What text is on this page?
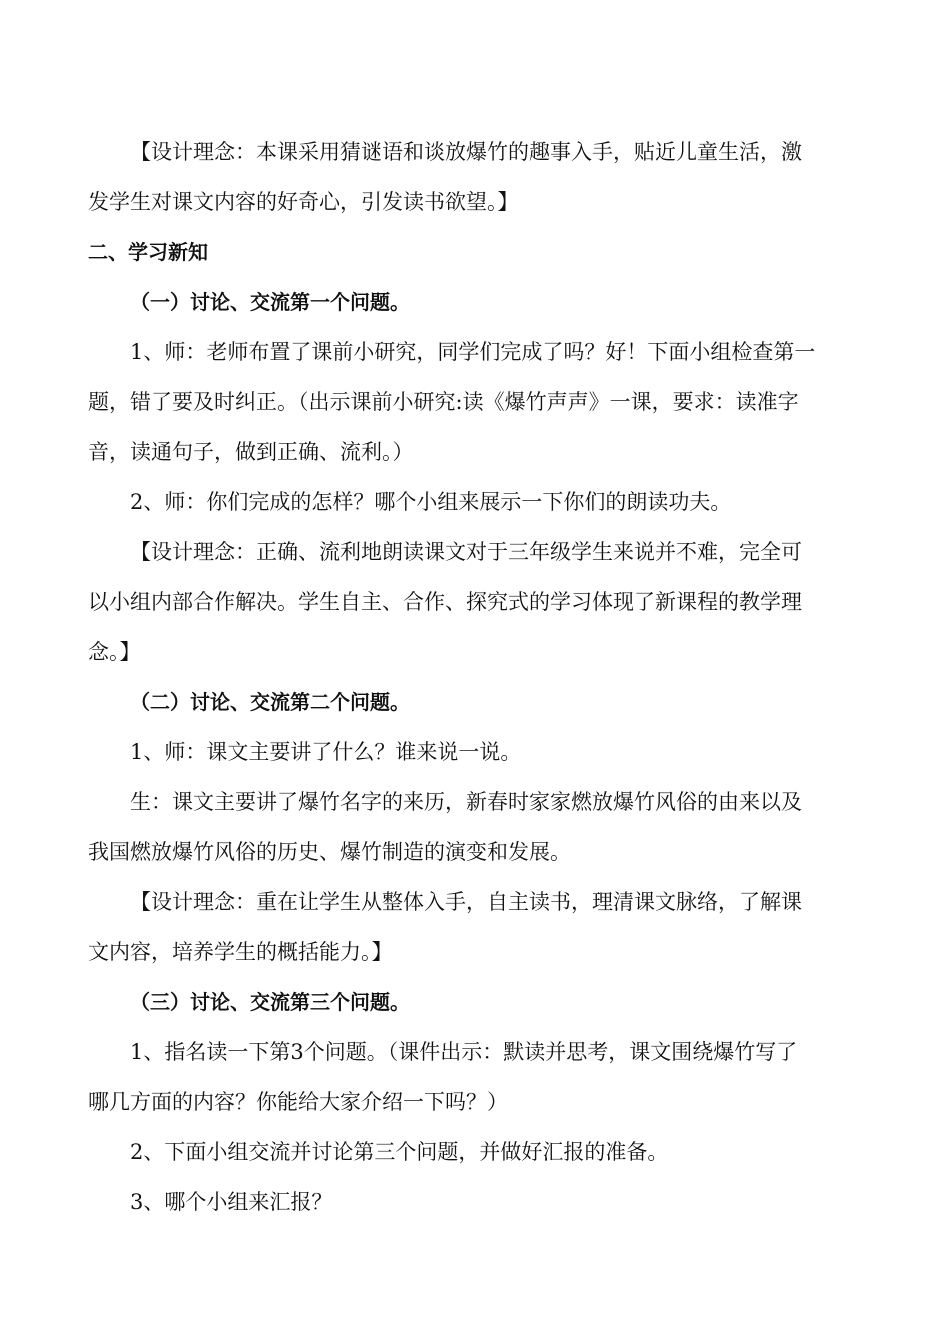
【设计理念：本课采用猜谜语和谈放爆竹的趣事入手，贴近儿童生活，激
发学生对课文内容的好奇心，引发读书欲望。】
二、学习新知
（一）讨论、交流第一个问题。
1、师：老师布置了课前小研究，同学们完成了吗？好！下面小组检查第一
题，错了要及时纠正。（出示课前小研究:读《爆竹声声》一课，要求：读准字
音，读通句子，做到正确、流利。）
2、师：你们完成的怎样？哪个小组来展示一下你们的朗读功夫。
【设计理念：正确、流利地朗读课文对于三年级学生来说并不难，完全可
以小组内部合作解决。学生自主、合作、探究式的学习体现了新课程的教学理
念。】
（二）讨论、交流第二个问题。
1、师：课文主要讲了什么？谁来说一说。
生：课文主要讲了爆竹名字的来历，新春时家家燃放爆竹风俗的由来以及
我国燃放爆竹风俗的历史、爆竹制造的演变和发展。
【设计理念：重在让学生从整体入手，自主读书，理清课文脉络，了解课
文内容，培养学生的概括能力。】
（三）讨论、交流第三个问题。
1、指名读一下第3个问题。（课件出示：默读并思考，课文围绕爆竹写了
哪几方面的内容？你能给大家介绍一下吗？）
2、下面小组交流并讨论第三个问题，并做好汇报的准备。
3、哪个小组来汇报？
